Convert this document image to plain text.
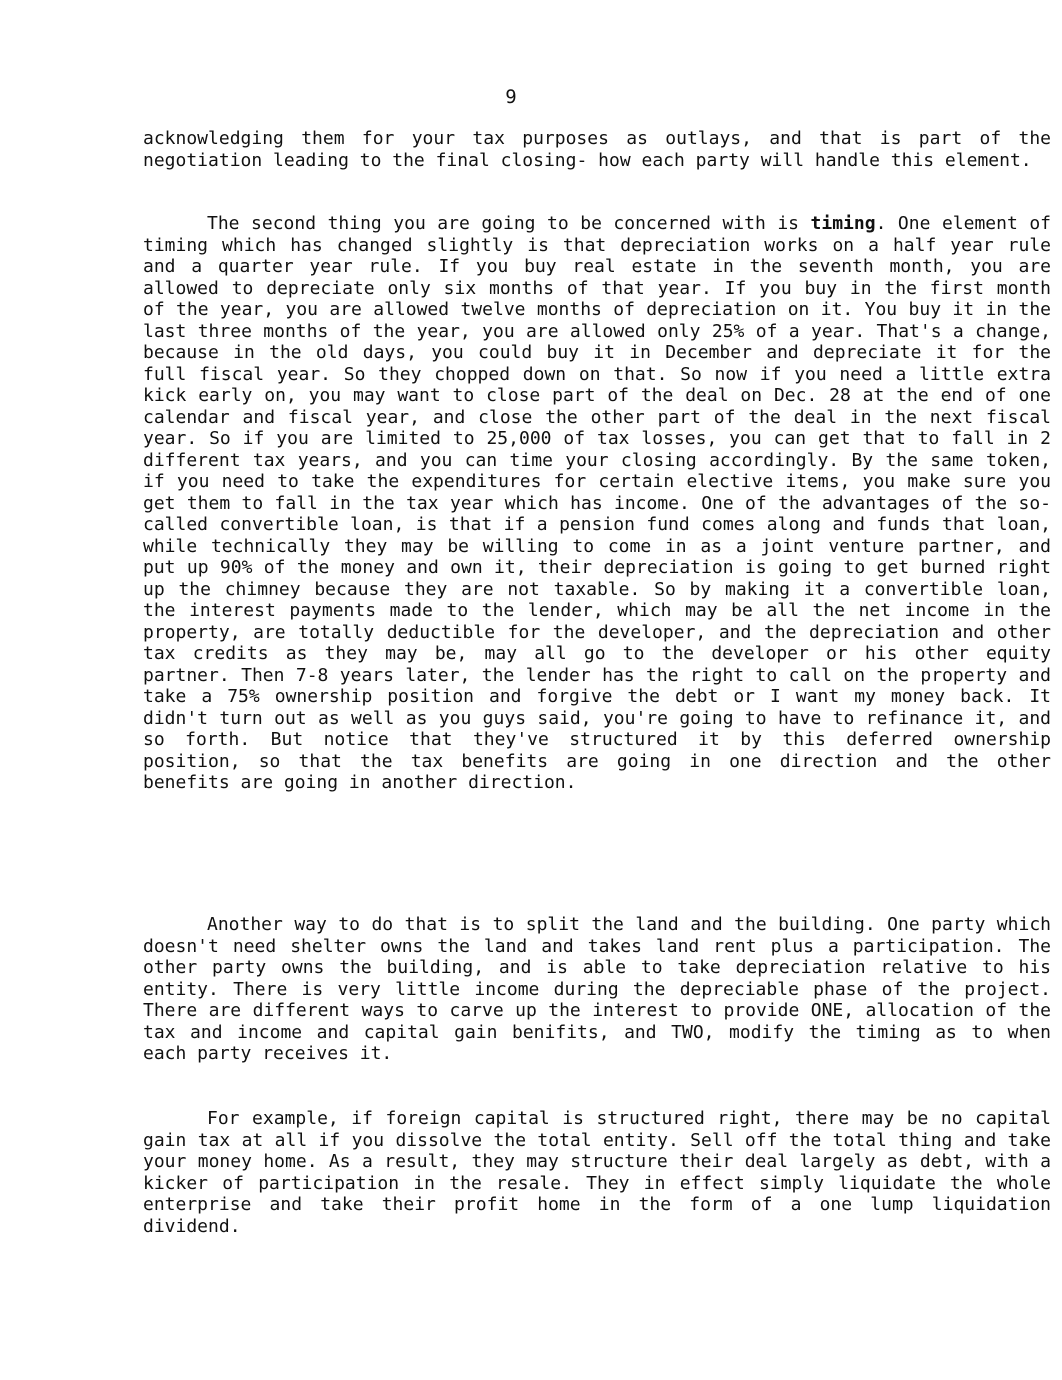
9

acknowledging them for your tax purposes as outlays, and that is part of the negotiation leading to the final closing- how each party will handle this element.

The second thing you are going to be concerned with is timing. One element of timing which has changed slightly is that depreciation works on a half year rule and a quarter year rule. If you buy real estate in the seventh month, you are allowed to depreciate only six months of that year. If you buy in the first month of the year, you are allowed twelve months of depreciation on it. You buy it in the last three months of the year, you are allowed only 25% of a year. That's a change, because in the old days, you could buy it in December and depreciate it for the full fiscal year. So they chopped down on that. So now if you need a little extra kick early on, you may want to close part of the deal on Dec. 28 at the end of one calendar and fiscal year, and close the other part of the deal in the next fiscal year. So if you are limited to 25,000 of tax losses, you can get that to fall in 2 different tax years, and you can time your closing accordingly. By the same token, if you need to take the expenditures for certain elective items, you make sure you get them to fall in the tax year which has income. One of the advantages of the so-called convertible loan, is that if a pension fund comes along and funds that loan, while technically they may be willing to come in as a joint venture partner, and put up 90% of the money and own it, their depreciation is going to get burned right up the chimney because they are not taxable. So by making it a convertible loan, the interest payments made to the lender, which may be all the net income in the property, are totally deductible for the developer, and the depreciation and other tax credits as they may be, may all go to the developer or his other equity partner. Then 7-8 years later, the lender has the right to call on the property and take a 75% ownership position and forgive the debt or I want my money back. It didn't turn out as well as you guys said, you're going to have to refinance it, and so forth. But notice that they've structured it by this deferred ownership position, so that the tax benefits are going in one direction and the other benefits are going in another direction.

Another way to do that is to split the land and the building. One party which doesn't need shelter owns the land and takes land rent plus a participation. The other party owns the building, and is able to take depreciation relative to his entity. There is very little income during the depreciable phase of the project. There are different ways to carve up the interest to provide ONE, allocation of the tax and income and capital gain benifits, and TWO, modify the timing as to when each party receives it.

For example, if foreign capital is structured right, there may be no capital gain tax at all if you dissolve the total entity. Sell off the total thing and take your money home. As a result, they may structure their deal largely as debt, with a kicker of participation in the resale. They in effect simply liquidate the whole enterprise and take their profit home in the form of a one lump liquidation dividend.
